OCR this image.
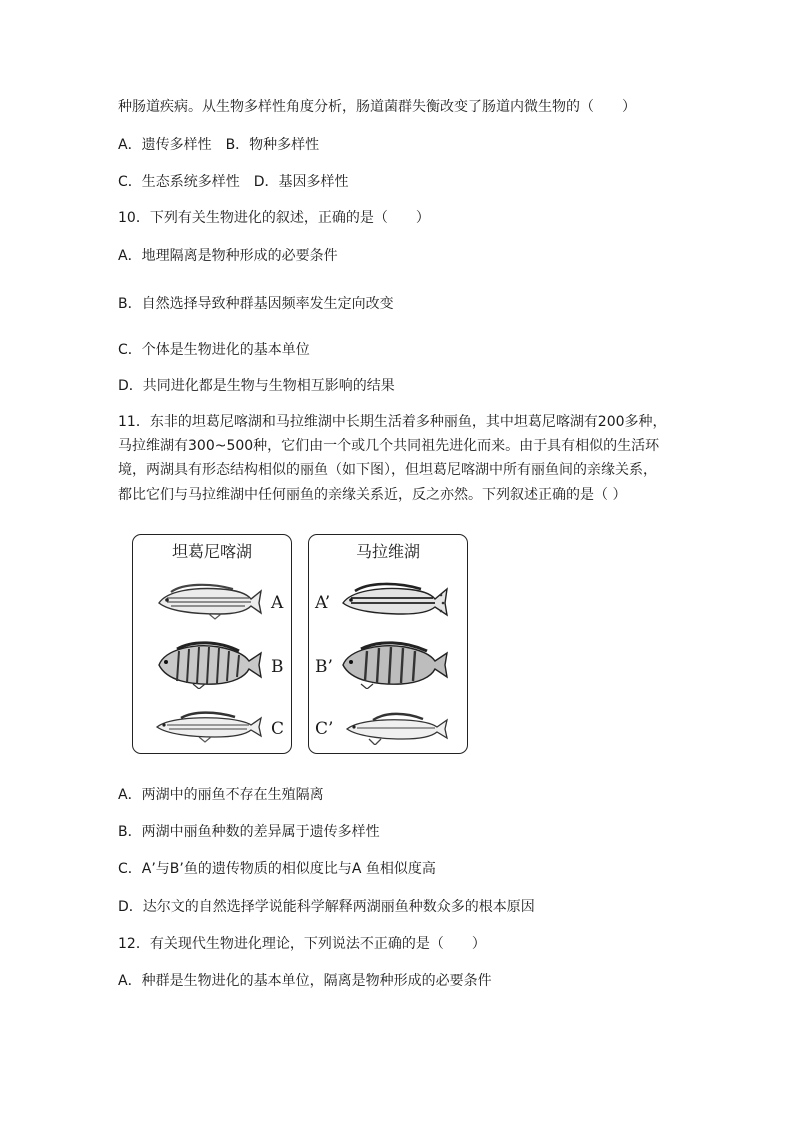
种肠道疾病。从生物多样性角度分析，肠道菌群失衡改变了肠道内微生物的（　　）
A．遗传多样性　B．物种多样性
C．生态系统多样性　D．基因多样性
10．下列有关生物进化的叙述，正确的是（　　）
A．地理隔离是物种形成的必要条件
B．自然选择导致种群基因频率发生定向改变
C．个体是生物进化的基本单位
D．共同进化都是生物与生物相互影响的结果
11．东非的坦葛尼喀湖和马拉维湖中长期生活着多种丽鱼，其中坦葛尼喀湖有200多种，
马拉维湖有300~500种，它们由一个或几个共同祖先进化而来。由于具有相似的生活环
境，两湖具有形态结构相似的丽鱼（如下图），但坦葛尼喀湖中所有丽鱼间的亲缘关系，
都比它们与马拉维湖中任何丽鱼的亲缘关系近，反之亦然。下列叙述正确的是（ ）
坦葛尼喀湖
A
B
C
马拉维湖
A’
B’
C’
A．两湖中的丽鱼不存在生殖隔离
B．两湖中丽鱼种数的差异属于遗传多样性
C．A’与B’鱼的遗传物质的相似度比与A 鱼相似度高
D．达尔文的自然选择学说能科学解释两湖丽鱼种数众多的根本原因
12．有关现代生物进化理论，下列说法不正确的是（　　）
A．种群是生物进化的基本单位，隔离是物种形成的必要条件
